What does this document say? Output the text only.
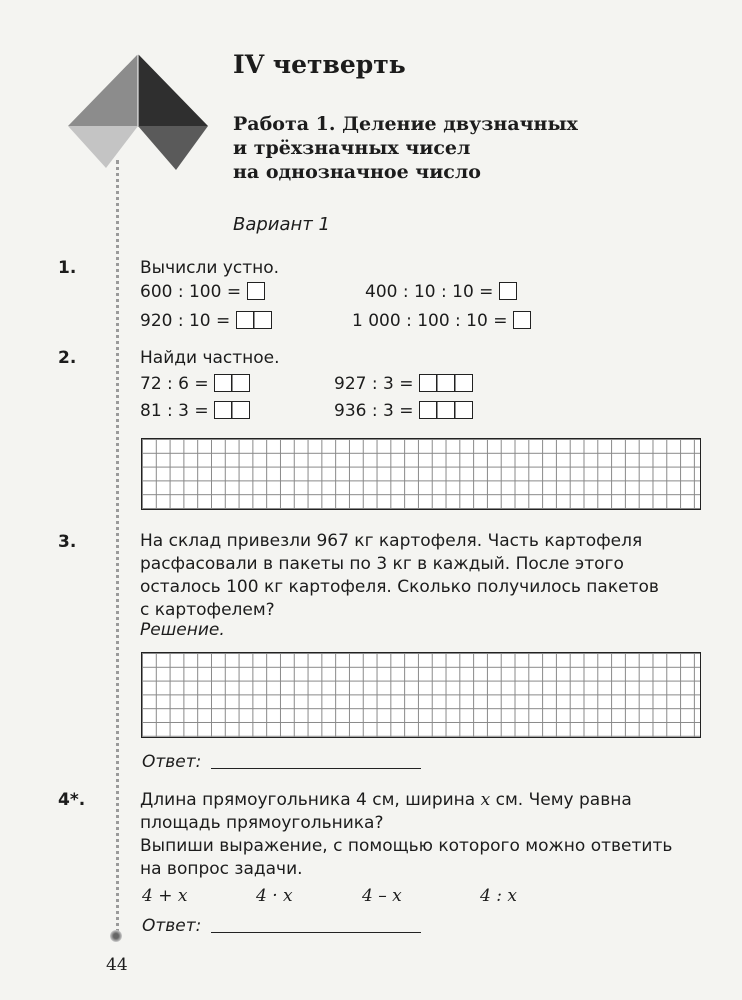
IV четверть
Работа 1. Деление двузначных
и трёхзначных чисел
на однозначное число
Вариант 1
1.	Вычисли устно.
600 : 100 =	400 : 10 : 10 =
920 : 10 =	1 000 : 100 : 10 =
2.	Найди частное.
72 : 6 =	927 : 3 =
81 : 3 =	936 : 3 =
3.	На склад привезли 967 кг картофеля. Часть картофеля
расфасовали в пакеты по 3 кг в каждый. После этого
осталось 100 кг картофеля. Сколько получилось пакетов
с картофелем?
Решение.
Ответ:
4*.	Длина прямоугольника 4 см, ширина x см. Чему равна
площадь прямоугольника?
Выпиши выражение, с помощью которого можно ответить
на вопрос задачи.
4 + x	4 · x	4 – x	4 : x
Ответ:
44
